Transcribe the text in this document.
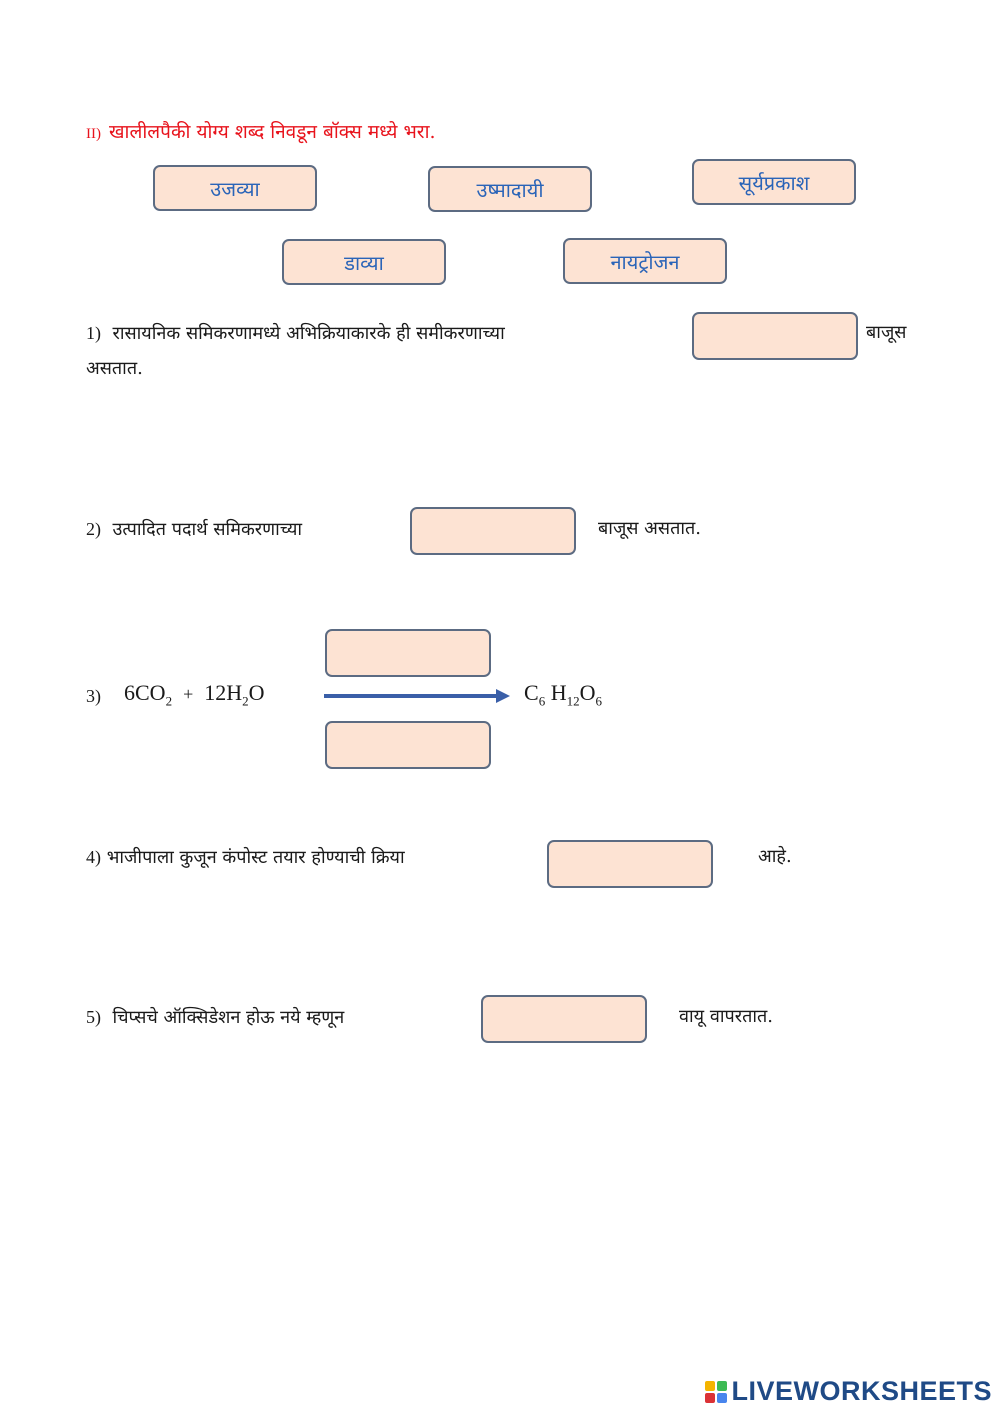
II) खालीलपैकी योग्य शब्द निवडून बॉक्स मध्ये भरा.
उजव्या	उष्मादायी	सूर्यप्रकाश
डाव्या	नायट्रोजन
1) रासायनिक समिकरणामध्ये अभिक्रियाकारके ही समीकरणाच्या	बाजूस
असतात.
2) उत्पादित पदार्थ समिकरणाच्या	बाजूस असतात.
3) $6CO_2 + 12H_2O$	$C_6$ $H_{12}O_6$
4) भाजीपाला कुजून कंपोस्ट तयार होण्याची क्रिया	आहे.
5) चिप्सचे ऑक्सिडेशन होऊ नये म्हणून	वायू वापरतात.
LIVEWORKSHEETS
